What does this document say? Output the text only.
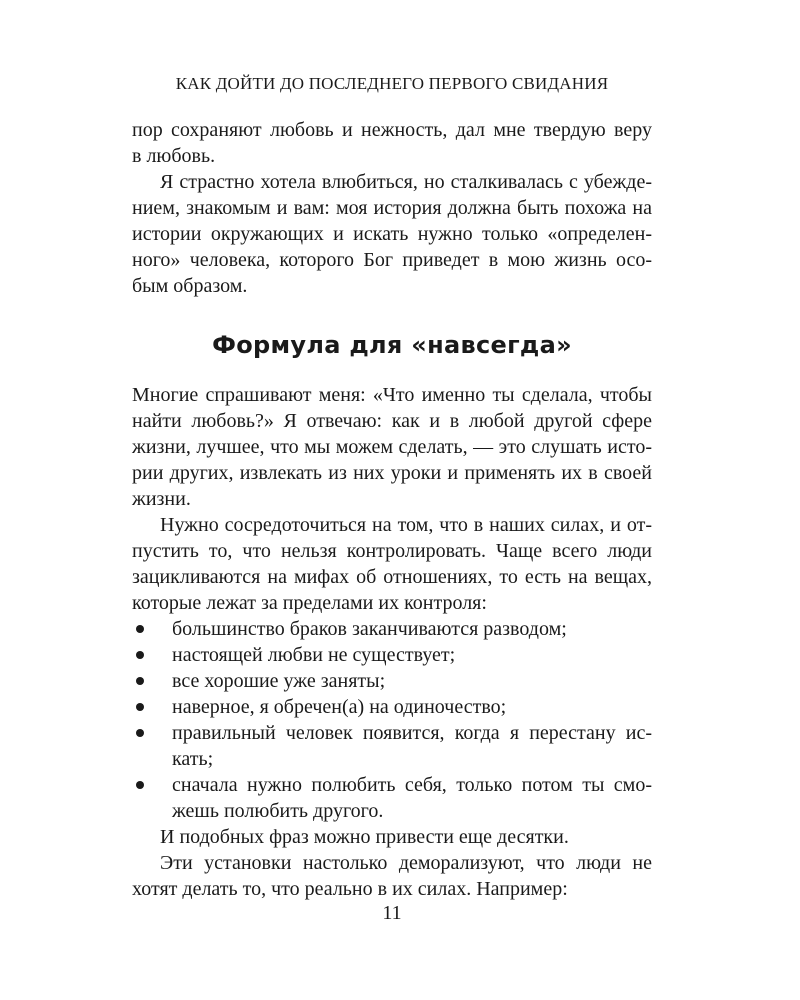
КАК ДОЙТИ ДО ПОСЛЕДНЕГО ПЕРВОГО СВИДАНИЯ
пор сохраняют любовь и нежность, дал мне твердую веру
в любовь.
Я страстно хотела влюбиться, но сталкивалась с убежде-
нием, знакомым и вам: моя история должна быть похожа на
истории окружающих и искать нужно только «определен-
ного» человека, которого Бог приведет в мою жизнь осо-
бым образом.
Формула для «навсегда»
Многие спрашивают меня: «Что именно ты сделала, чтобы
найти любовь?» Я отвечаю: как и в любой другой сфере
жизни, лучшее, что мы можем сделать, — это слушать исто-
рии других, извлекать из них уроки и применять их в своей
жизни.
Нужно сосредоточиться на том, что в наших силах, и от-
пустить то, что нельзя контролировать. Чаще всего люди
зацикливаются на мифах об отношениях, то есть на вещах,
которые лежат за пределами их контроля:
большинство браков заканчиваются разводом;
настоящей любви не существует;
все хорошие уже заняты;
наверное, я обречен(а) на одиночество;
правильный человек появится, когда я перестану ис-
кать;
сначала нужно полюбить себя, только потом ты смо-
жешь полюбить другого.
И подобных фраз можно привести еще десятки.
Эти установки настолько деморализуют, что люди не
хотят делать то, что реально в их силах. Например:
11
